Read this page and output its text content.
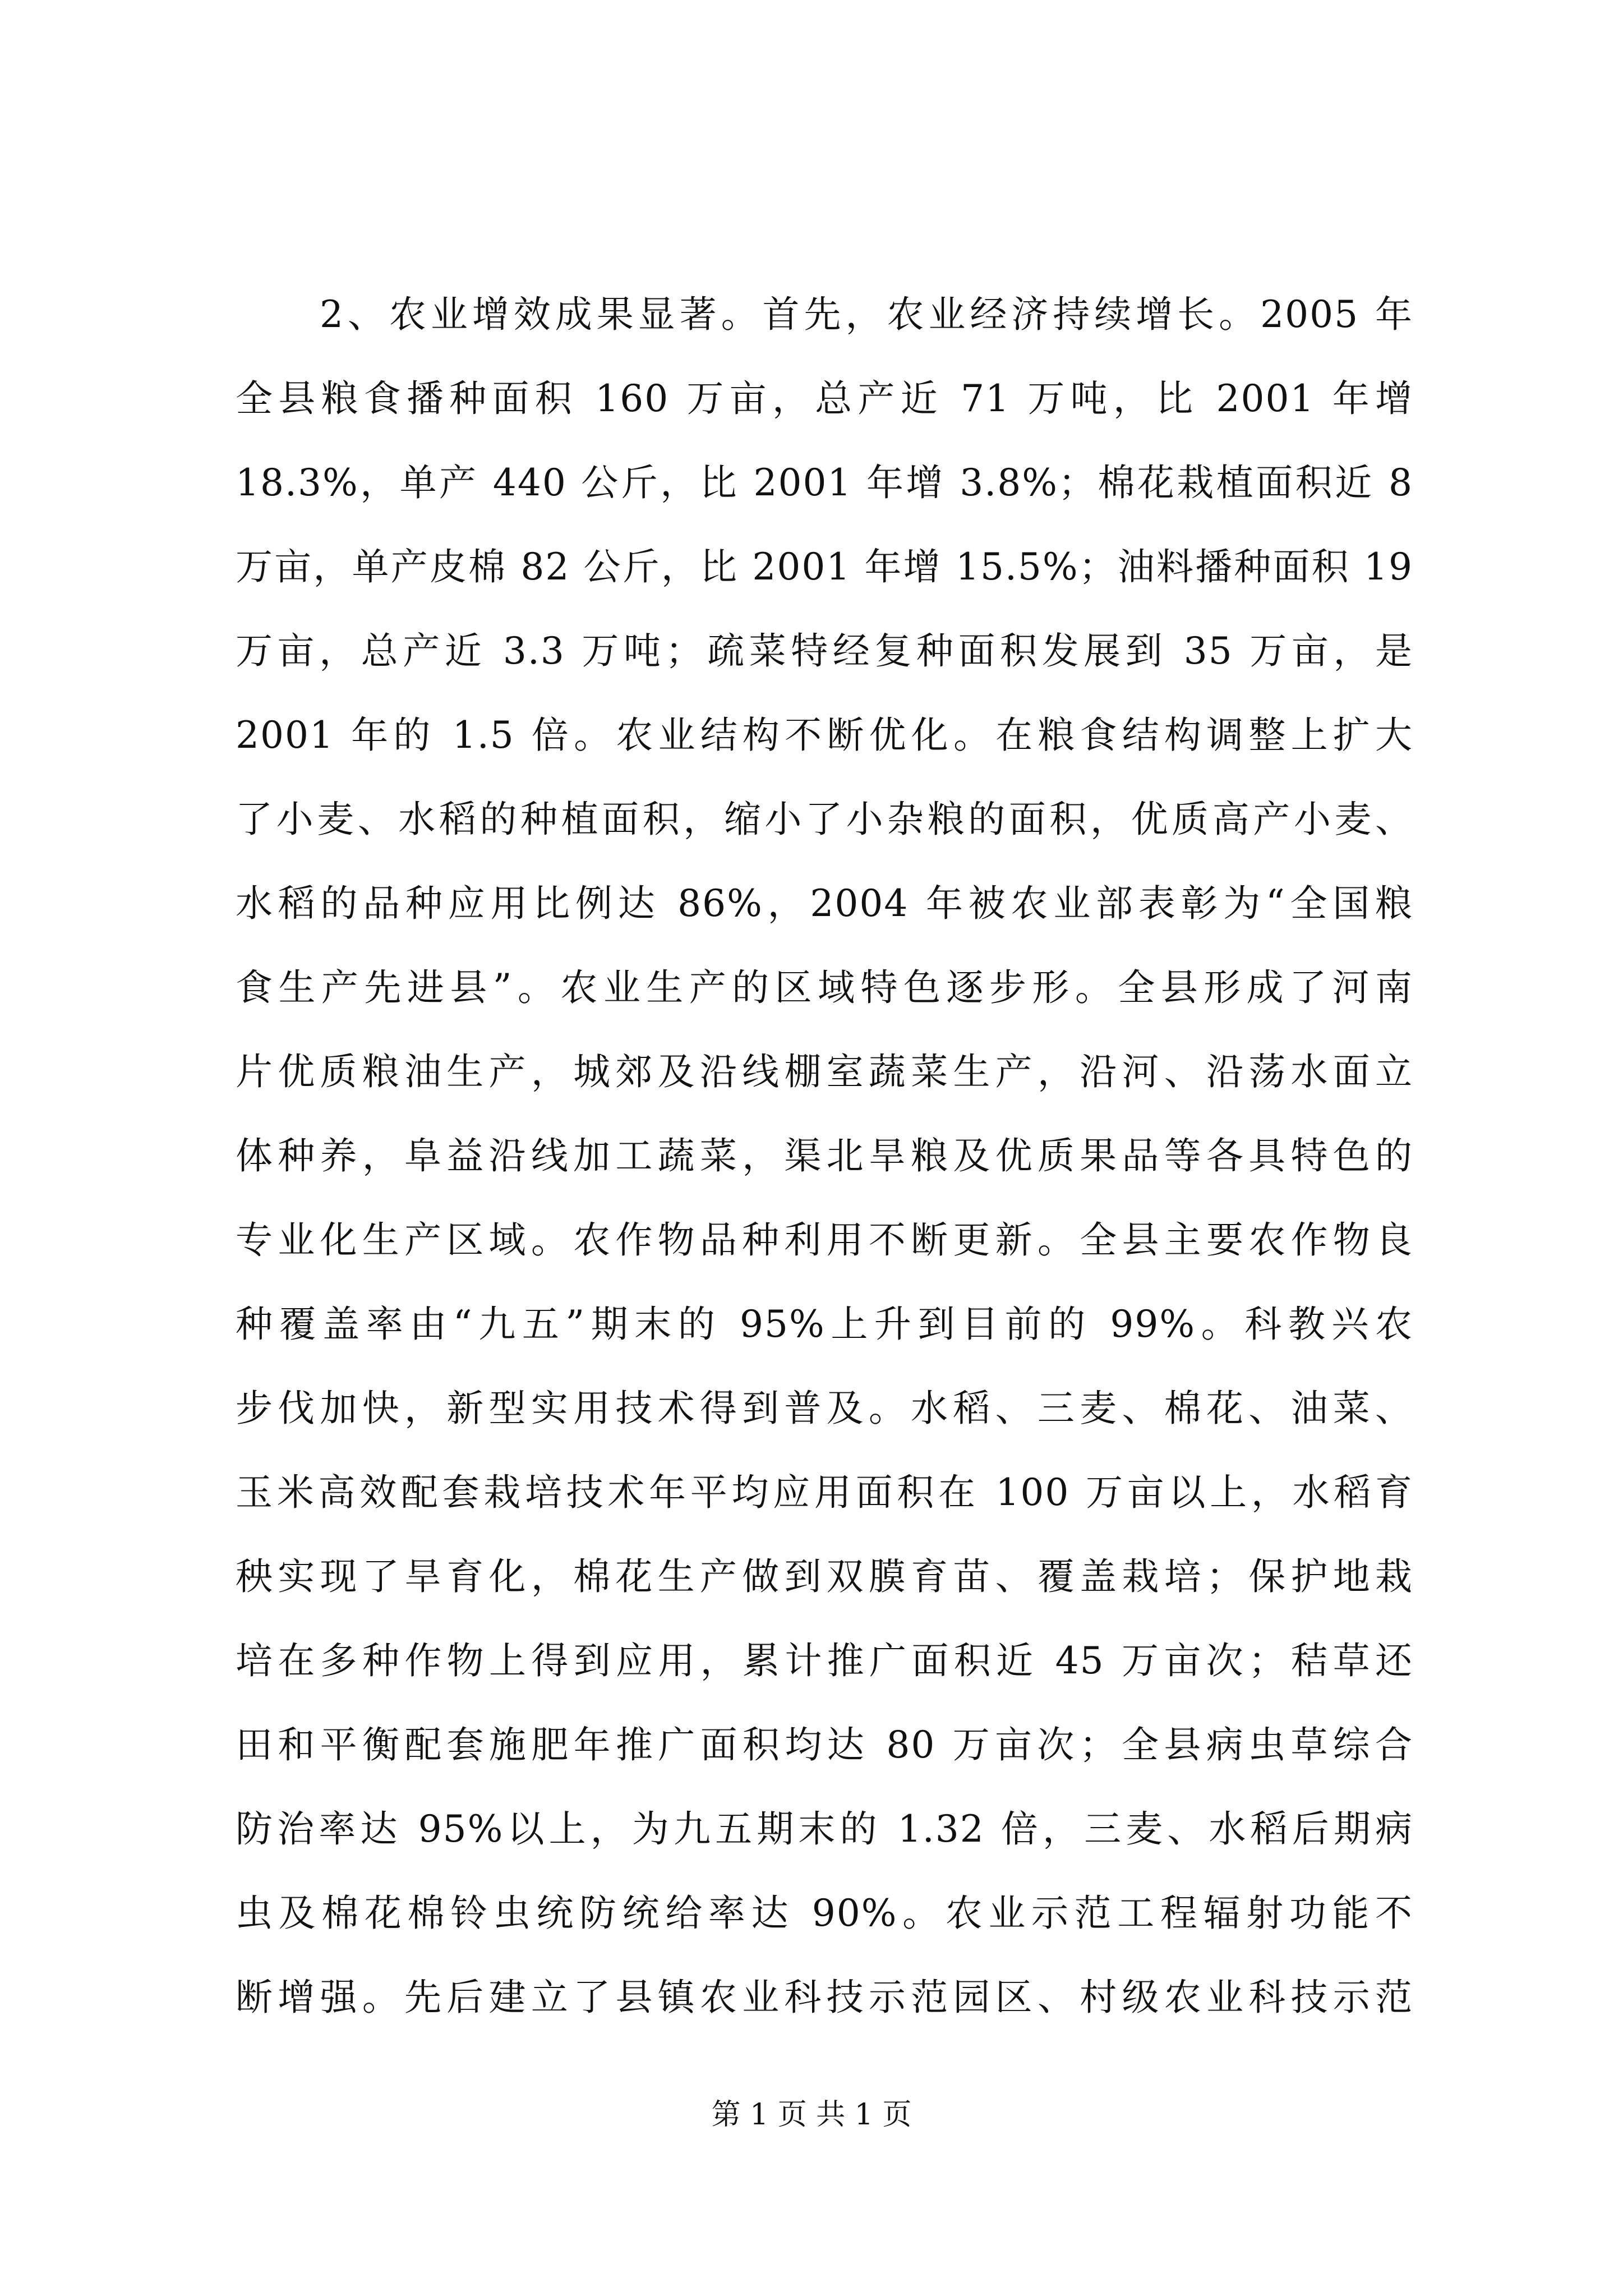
2、农业增效成果显著。首先，农业经济持续增长。2005 年
全县粮食播种面积 160 万亩，总产近 71 万吨，比 2001 年增
18.3%，单产 440 公斤，比 2001 年增 3.8%；棉花栽植面积近 8
万亩，单产皮棉 82 公斤，比 2001 年增 15.5%；油料播种面积 19
万亩，总产近 3.3 万吨；疏菜特经复种面积发展到 35 万亩，是
2001 年的 1.5 倍。农业结构不断优化。在粮食结构调整上扩大
了小麦、水稻的种植面积，缩小了小杂粮的面积，优质高产小麦、
水稻的品种应用比例达 86%，2004 年被农业部表彰为“全国粮
食生产先进县”。农业生产的区域特色逐步形。全县形成了河南
片优质粮油生产，城郊及沿线棚室蔬菜生产，沿河、沿荡水面立
体种养，阜益沿线加工蔬菜，渠北旱粮及优质果品等各具特色的
专业化生产区域。农作物品种利用不断更新。全县主要农作物良
种覆盖率由“九五”期末的 95%上升到目前的 99%。科教兴农
步伐加快，新型实用技术得到普及。水稻、三麦、棉花、油菜、
玉米高效配套栽培技术年平均应用面积在 100 万亩以上，水稻育
秧实现了旱育化，棉花生产做到双膜育苗、覆盖栽培；保护地栽
培在多种作物上得到应用，累计推广面积近 45 万亩次；秸草还
田和平衡配套施肥年推广面积均达 80 万亩次；全县病虫草综合
防治率达 95%以上，为九五期末的 1.32 倍，三麦、水稻后期病
虫及棉花棉铃虫统防统给率达 90%。农业示范工程辐射功能不
断增强。先后建立了县镇农业科技示范园区、村级农业科技示范
第 1 页 共 1 页
